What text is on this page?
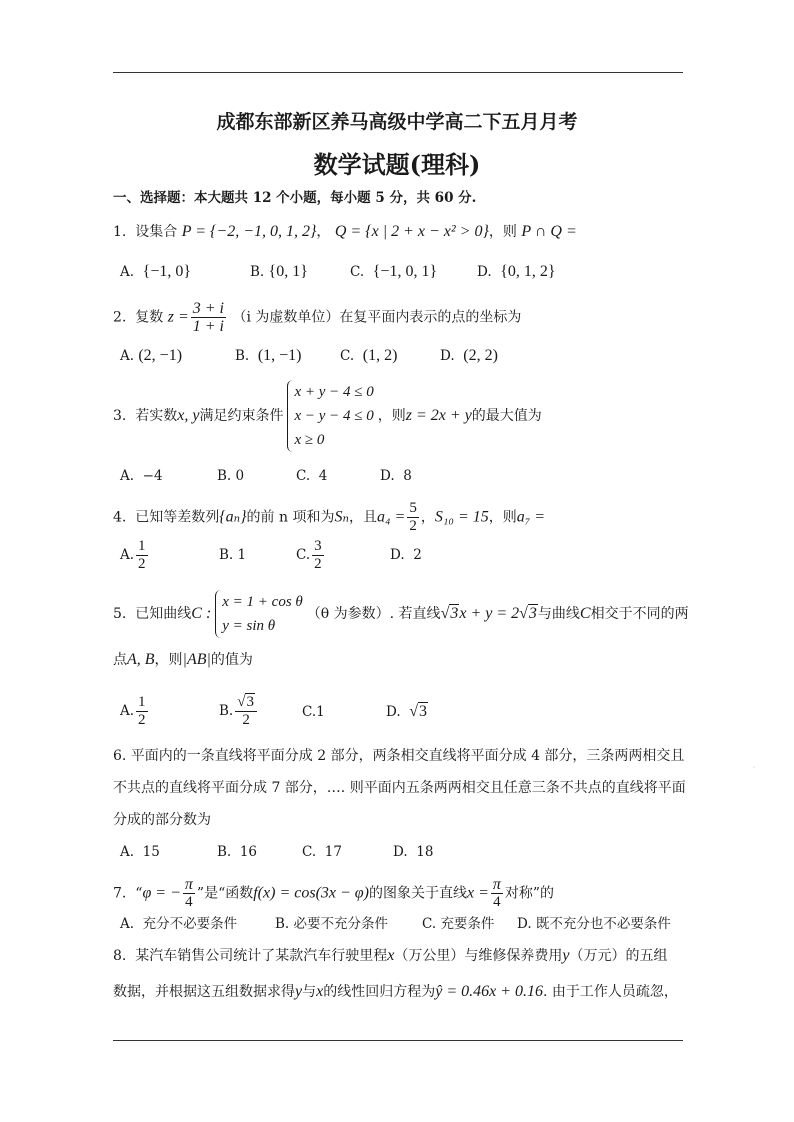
成都东部新区养马高级中学高二下五月月考
数学试题(理科)
一、选择题：本大题共 12 个小题，每小题 5 分，共 60 分.
1. 设集合 P = {−2, −1, 0, 1, 2}， Q = {x | 2 + x − x² > 0}，则 P ∩ Q =
A. {−1, 0}	B. {0, 1}	C. {−1, 0, 1}	D. {0, 1, 2}
2. 复数 $z = \frac{3 + i}{1 + i} (i$ 为虚数单位）在复平面内表示的点的坐标为
A. (2, −1)	B. (1, −1)	C. (1, 2)	D. (2, 2)
3. 若实数x, y满足约束条件
x + y − 4 ≤ 0
x − y − 4 ≤ 0
x ≥ 0
，则z = 2x + y的最大值为
A. −4	B. 0	C. 4	D. 8
4. 已知等差数列{aₙ}的前 n 项和为Sₙ，且$a_4 = \frac{5}{2}$ ，S₁₀ = 15，则a₇ =
A. $\frac{1}{2}$	B. 1	C. $\frac{3}{2}$	D. 2
5. 已知曲线C :
x = 1 + cos θ
y = sin θ
（θ 为参数）. 若直线√3x + y = 2√3与曲线C相交于不同的两
点A, B，则|AB|的值为
A. $\frac{1}{2}$	B. $\frac{√3}{2}$	C.1	D. √3
6. 平面内的一条直线将平面分成 2 部分，两条相交直线将平面分成 4 部分，三条两两相交且
不共点的直线将平面分成 7 部分，…. 则平面内五条两两相交且任意三条不共点的直线将平面
分成的部分数为
A. 15	B. 16	C. 17	D. 18
7. “φ = − $\frac{\pi}{4}$ ”是“函数f(x) = cos(3x − φ)的图象关于直线$x = \frac{\pi}{4}$ 对称”的
A. 充分不必要条件	B. 必要不充分条件	C. 充要条件 D. 既不充分也不必要条件
8. 某汽车销售公司统计了某款汽车行驶里程x（万公里）与维修保养费用y（万元）的五组
数据，并根据这五组数据求得y与x的线性回归方程为ŷ = 0.46x + 0.16. 由于工作人员疏忽，
·
